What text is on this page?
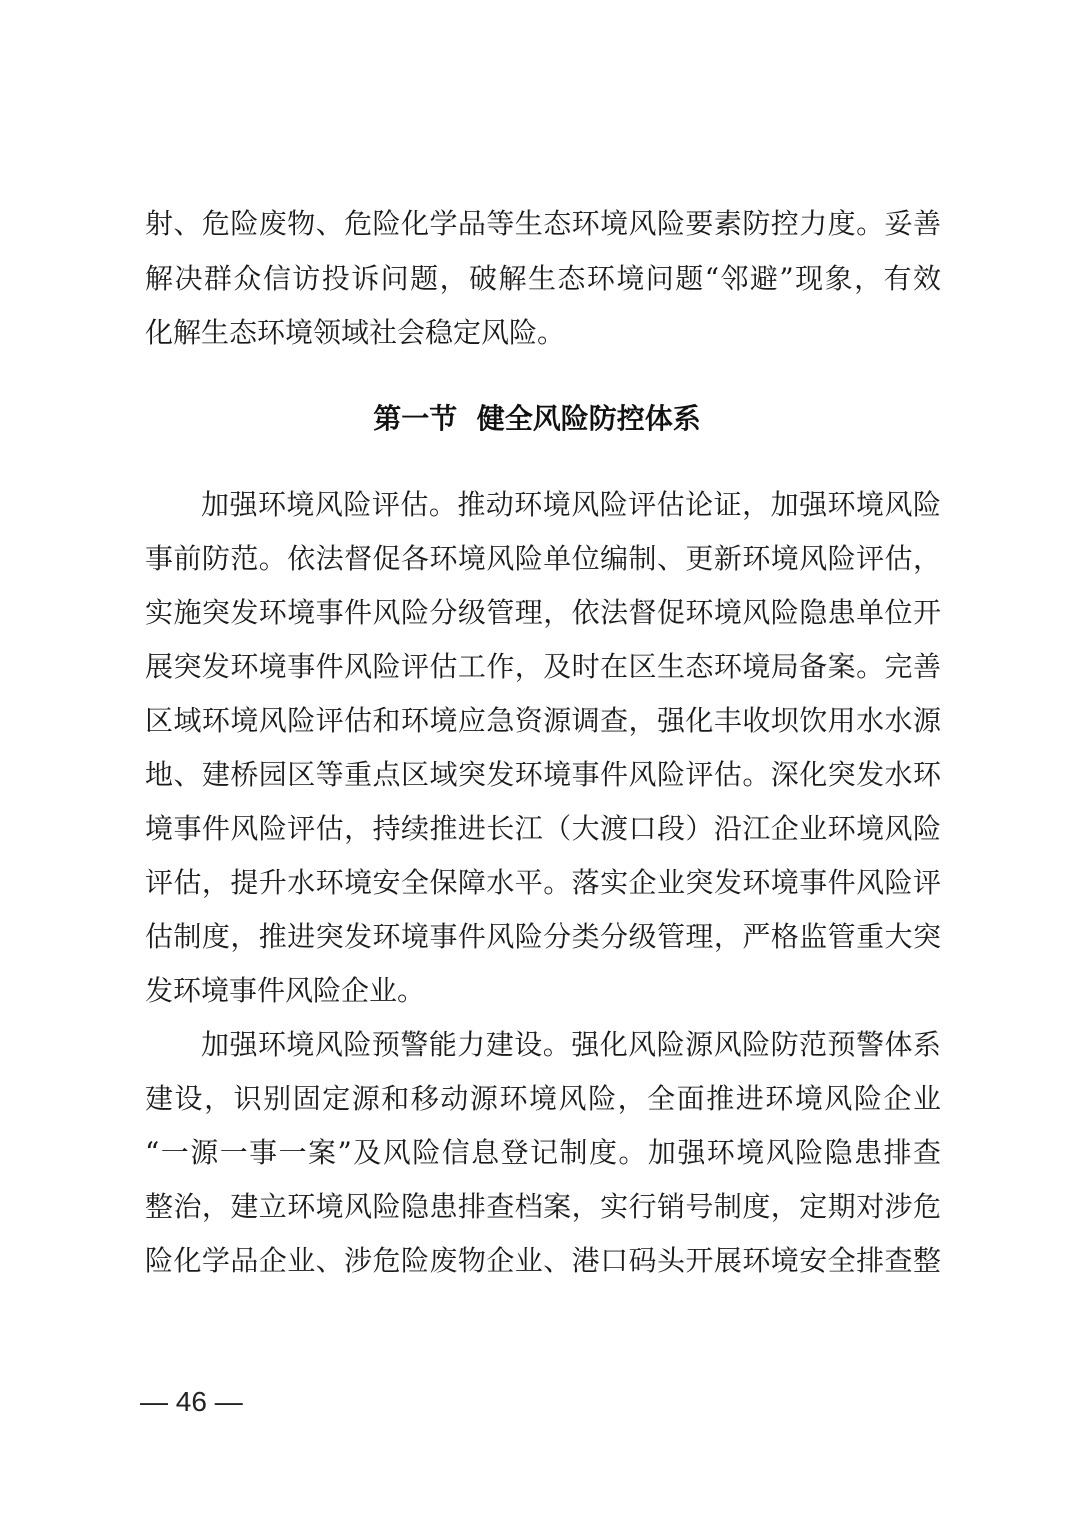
射、危险废物、危险化学品等生态环境风险要素防控力度。妥善
解决群众信访投诉问题，破解生态环境问题“邻避”现象，有效
化解生态环境领域社会稳定风险。
第一节  健全风险防控体系
加强环境风险评估。推动环境风险评估论证，加强环境风险
事前防范。依法督促各环境风险单位编制、更新环境风险评估，
实施突发环境事件风险分级管理，依法督促环境风险隐患单位开
展突发环境事件风险评估工作，及时在区生态环境局备案。完善
区域环境风险评估和环境应急资源调查，强化丰收坝饮用水水源
地、建桥园区等重点区域突发环境事件风险评估。深化突发水环
境事件风险评估，持续推进长江（大渡口段）沿江企业环境风险
评估，提升水环境安全保障水平。落实企业突发环境事件风险评
估制度，推进突发环境事件风险分类分级管理，严格监管重大突
发环境事件风险企业。
加强环境风险预警能力建设。强化风险源风险防范预警体系
建设，识别固定源和移动源环境风险，全面推进环境风险企业
“一源一事一案”及风险信息登记制度。加强环境风险隐患排查
整治，建立环境风险隐患排查档案，实行销号制度，定期对涉危
险化学品企业、涉危险废物企业、港口码头开展环境安全排查整
— 46 —
